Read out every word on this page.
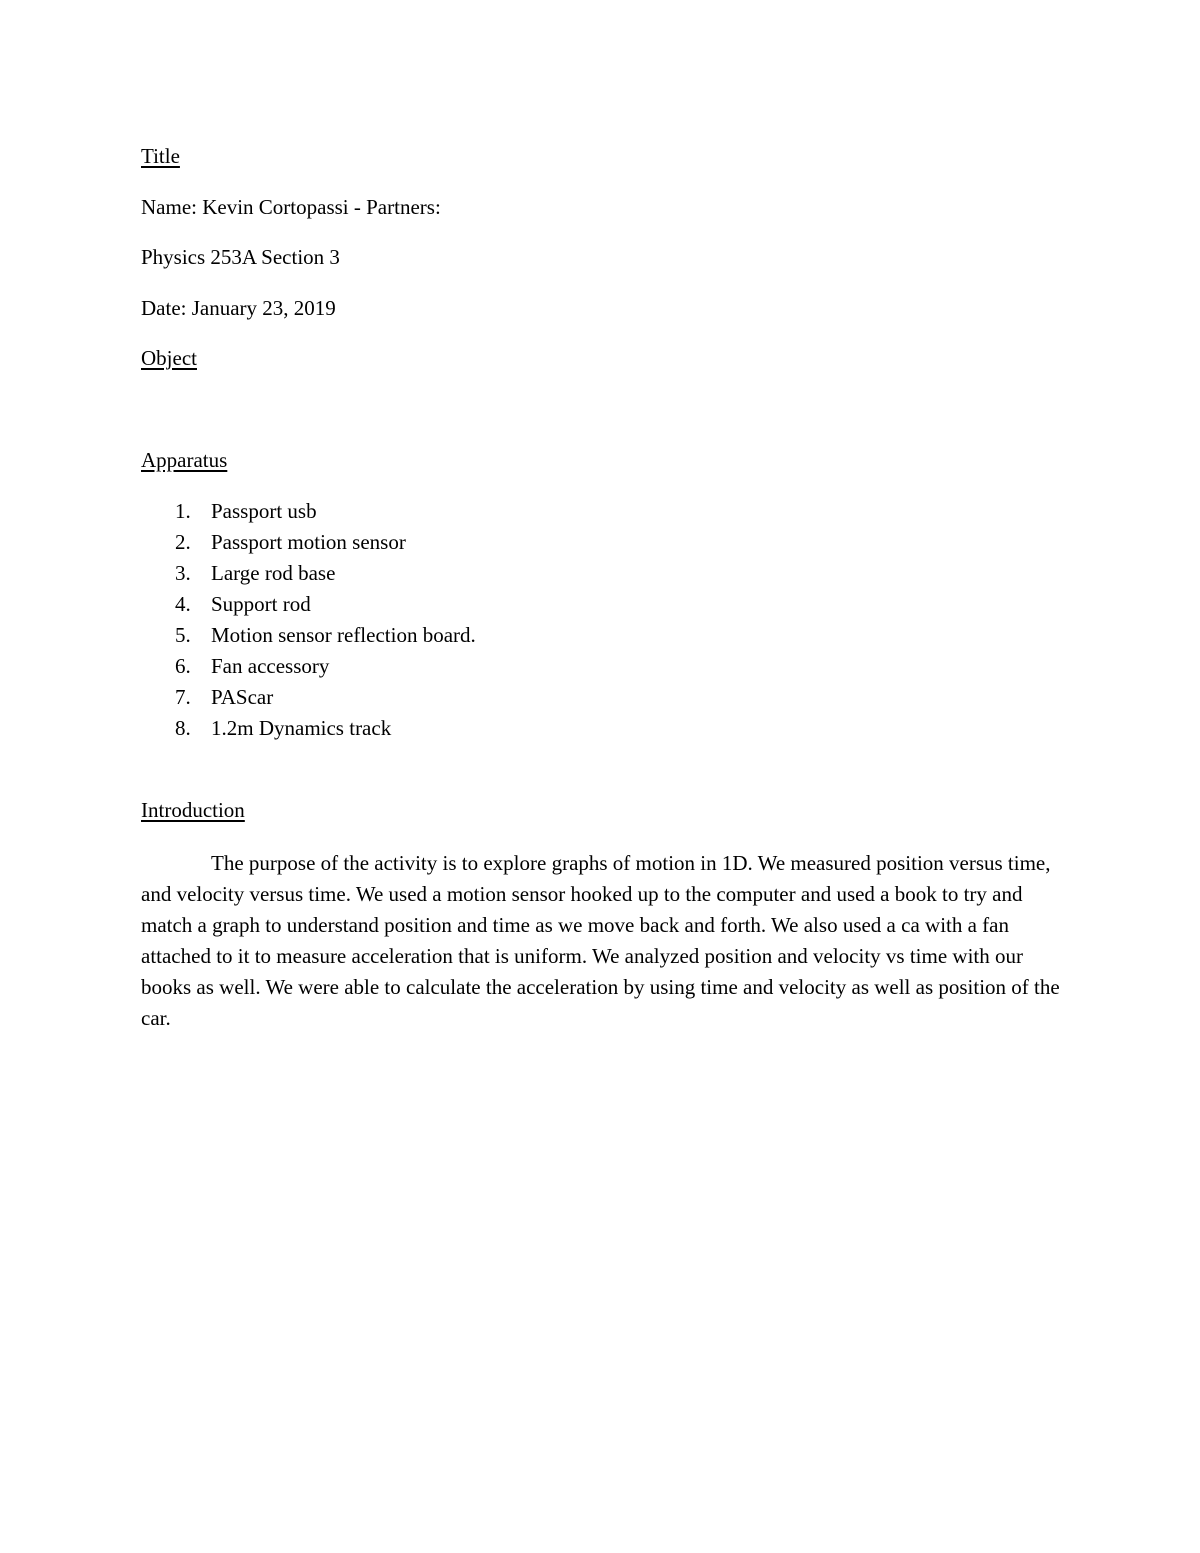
Title
Name: Kevin Cortopassi - Partners:
Physics 253A Section 3
Date: January 23, 2019
Object
Apparatus
1. Passport usb
2. Passport motion sensor
3. Large rod base
4. Support rod
5. Motion sensor reflection board.
6. Fan accessory
7. PAScar
8. 1.2m Dynamics track
Introduction

The purpose of the activity is to explore graphs of motion in 1D. We measured position versus time, and velocity versus time. We used a motion sensor hooked up to the computer and used a book to try and match a graph to understand position and time as we move back and forth. We also used a ca with a fan attached to it to measure acceleration that is uniform. We analyzed position and velocity vs time with our books as well. We were able to calculate the acceleration by using time and velocity as well as position of the car.
